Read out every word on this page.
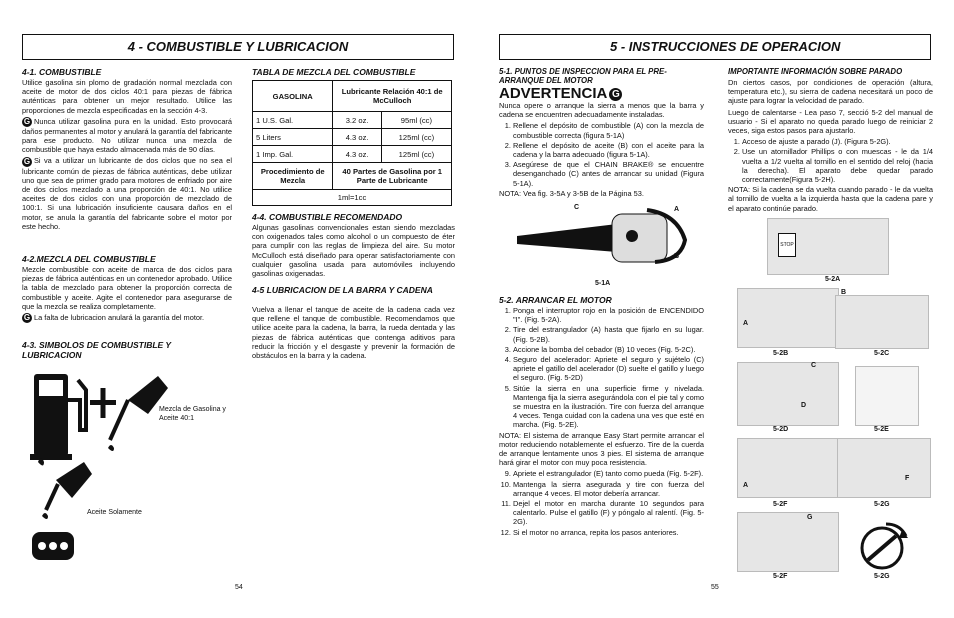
4 - COMBUSTIBLE Y LUBRICACION
4-1. COMBUSTIBLE

Utilice gasolina sin plomo de gradación normal mezclada con aceite de motor de dos ciclos 40:1 para piezas de fábrica auténticas para obtener un mejor resultado. Utilice las proporciones de mezcla especificadas en la sección 4-3.

G Nunca utilizar gasolina pura en la unidad. Esto provocará daños permanentes al motor y anulará la garantía del fabricante para ese producto. No utilizar nunca una mezcla de combustible que haya estado almacenada más de 90 días.

G Si va a utilizar un lubricante de dos ciclos que no sea el lubricante común de piezas de fábrica auténticas, debe utilizar uno que sea de primer grado para motores de enfriado por aire de dos ciclos mezclado a una proporción de 40:1. No utilice aceites de dos ciclos con una proporción de mezclado de 100:1. Si una lubricación insuficiente causara daños en el motor, se anula la garantía del fabricante sobre el motor por este hecho.

4-2.MEZCLA DEL COMBUSTIBLE

Mezcle combustible con aceite de marca de dos ciclos para piezas de fábrica auténticas en un contenedor aprobado. Utilice la tabla de mezclado para obtener la proporción correcta de combustible y aceite. Agite el contenedor para asegurarse de que la mezcla se realiza completamente.

G La falta de lubricacion anulará la garantía del motor.

4-3. SIMBOLOS DE COMBUSTIBLE Y LUBRICACION
Mezcla de Gasolina y Aceite 40:1
Aceite Solamente
TABLA DE MEZCLA DEL COMBUSTIBLE
GASOLINA	Lubricante Relación 40:1 de McCulloch	
1 U.S. Gal.	3.2 oz.	95ml (cc)
5 Liters	4.3 oz.	125ml (cc)
1 Imp. Gal.	4.3 oz.	125ml (cc)
Procedimiento de Mezcla	40 Partes de Gasolina por 1 Parte de Lubricante	
1ml=1cc		
4-4. COMBUSTIBLE RECOMENDADO
Algunas gasolinas convencionales estan siendo mezcladas con oxigenados tales como alcohol o un compuesto de éter para cumplir con las reglas de limpieza del aire. Su motor McCulloch está diseñado para operar satisfactoriamente con cualquier gasolina usada para automóviles incluyendo gasolinas oxigenadas.
4-5 LUBRICACION DE LA BARRA Y CADENA
Vuelva a llenar el tanque de aceite de la cadena cada vez que rellene el tanque de combustible. Recomendamos que utilice aceite para la cadena, la barra, la rueda dentada y las piezas de fábrica auténticas que contenga aditivos para reducir la fricción y el desgaste y prevenir la formación de obstáculos en la barra y la cadena.
54
5 - INSTRUCCIONES DE OPERACION
5-1. PUNTOS DE INSPECCION PARA EL PRE-ARRANQUE DEL MOTOR
ADVERTENCIA G

Nunca opere o arranque la sierra a menos que la barra y cadena se encuentren adecuadamente instaladas.

1. Rellene el depósito de combustible (A) con la mezcla de combustible correcta (figura 5-1A)
2. Rellene el depósito de aceite (B) con el aceite para la cadena y la barra adecuado (figura 5-1A).
3. Asegúrese de que el CHAIN BRAKE® se encuentre desenganchado (C) antes de arrancar su unidad (Figura 5-1A).

NOTA: Vea fig. 3-5A y 3-5B de la Página 53.

C	A
B
5-1A
5-2. ARRANCAR EL MOTOR
1. Ponga el interruptor rojo en la posición de ENCENDIDO "I". (Fig. 5-2A).
2. Tire del estrangulador (A) hasta que fijarlo en su lugar. (Fig. 5-2B).
3. Accione la bomba del cebador (B) 10 veces (Fig. 5-2C).
4. Seguro del acelerador: Apriete el seguro y sujételo (C) apriete el gatillo del acelerador (D) suelte el gatillo y luego el seguro. (Fig. 5-2D)
5. Sitúe la sierra en una superficie firme y nivelada. Mantenga fija la sierra asegurándola con el pie tal y como se muestra en la ilustración. Tire con fuerza del arranque 4 veces. Tenga cuidad con la cadena una ves que esté en marcha. (Fig. 5-2E).

NOTA: El sistema de arranque Easy Start permite arrancar el motor reduciendo notablemente el esfuerzo. Tire de la cuerda de arranque lentamente unos 3 pies. El sistema de arranque hará girar el motor con muy poca resistencia.

9. Apriete el estrangulador (E) tanto como pueda (Fig. 5-2F).
10. Mantenga la sierra asegurada y tire con fuerza del arranque 4 veces. El motor debería arrancar.
11. Dejel el motor en marcha durante 10 segundos para calentarlo. Pulse el gatillo (F) y póngalo al ralentí. (Fig. 5-2G).
12. Si el motor no arranca, repita los pasos anteriores.
IMPORTANTE INFORMACIÓN SOBRE PARADO

Dn ciertos casos, por condiciones de operación (altura, temperatura etc.), su sierra de cadena necesitará un poco de ajuste para lograr la velocidad de parado.

Luego de calentarse - Lea paso 7, secció 5-2 del manual de usuario - Si el aparato no queda parado luego de reiniciar 2 veces, siga estos pasos para ajustarlo.

1. Acceso de ajuste a parado (J). (Figura 5-2G).
2. Use un atornillador Phillips o con muescas - le da 1/4 vuelta a 1/2 vuelta al tornillo en el sentido del reloj (hacia la derecha). El aparato debe quedar parado correctamente(Figura 5-2H).

NOTA: Si la cadena se da vuelta cuando parado - le da vuelta al tornillo de vuelta a la izquierda hasta que la cadena pare y el aparato continúe parado.

STOP
5-2A
A
5-2B
B
5-2C
C
D
5-2D	5-2E
A
5-2F
F
5-2G
G
5-2F	5-2G
55
